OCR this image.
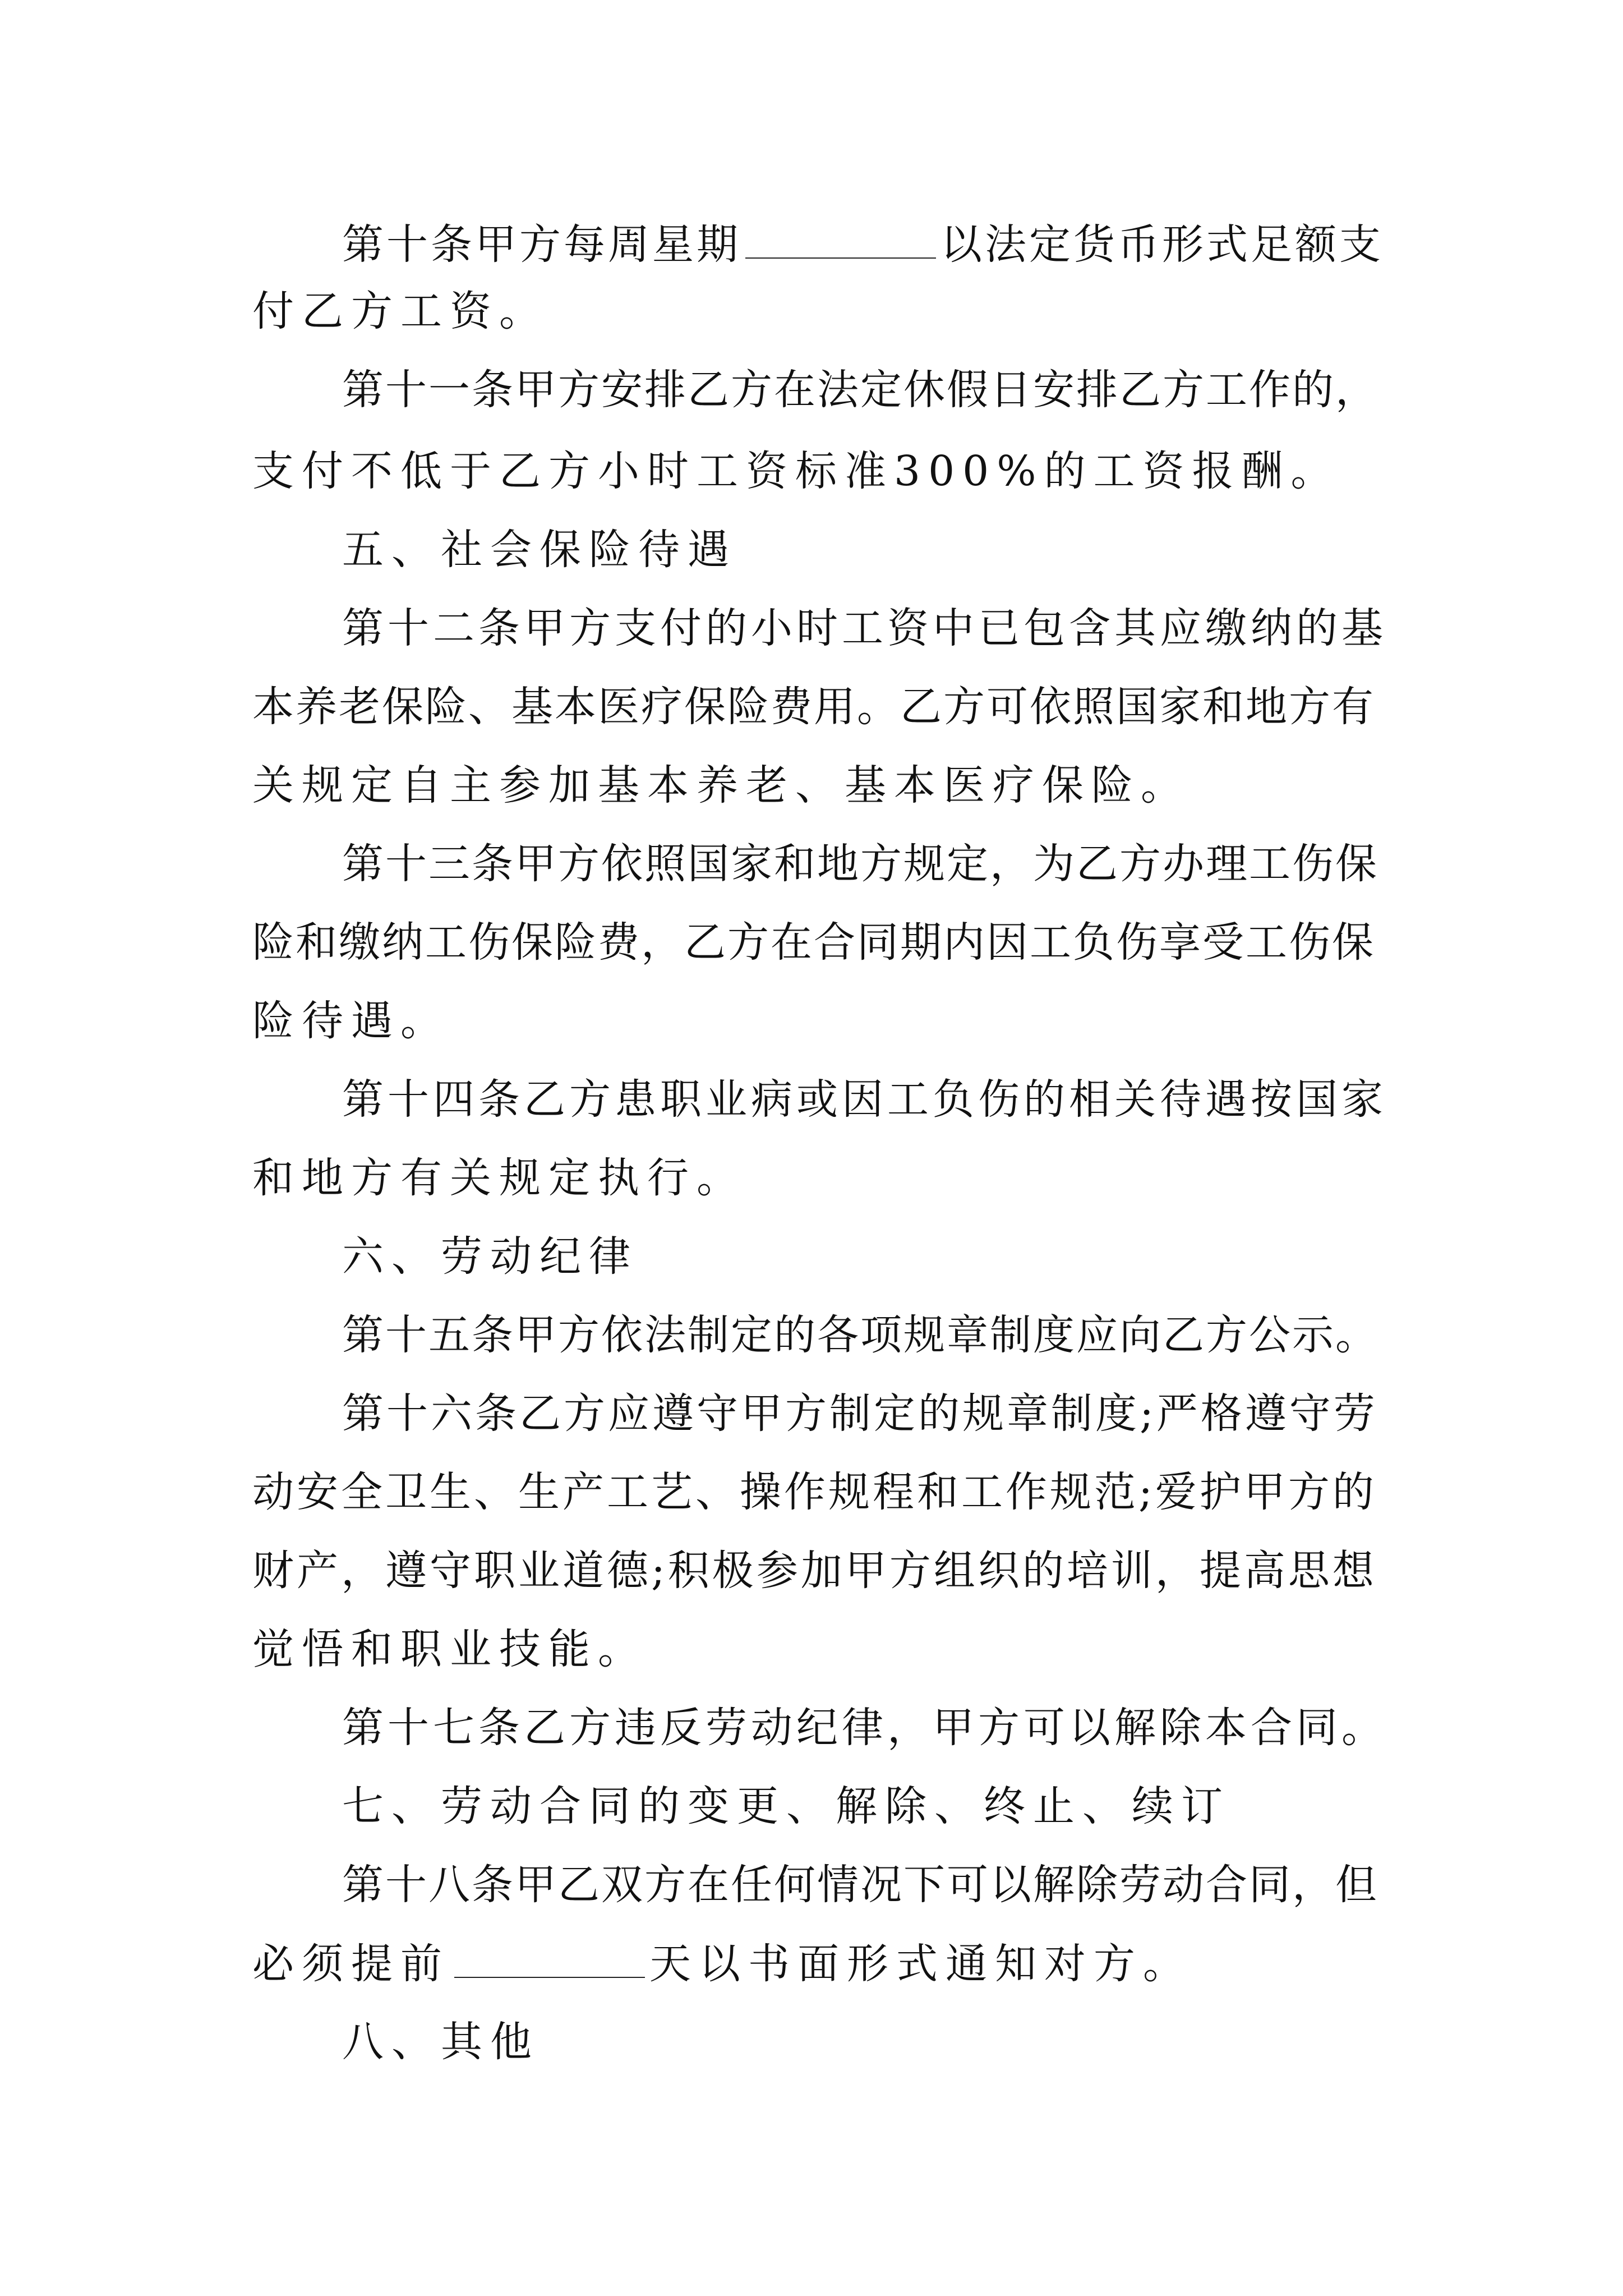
第十条甲方每周星期	以法定货币形式足额支
付乙方工资。
第十一条甲方安排乙方在法定休假日安排乙方工作的，
支付不低于乙方小时工资标准300%的工资报酬。
五、社会保险待遇
第十二条甲方支付的小时工资中已包含其应缴纳的基
本养老保险、基本医疗保险费用。乙方可依照国家和地方有
关规定自主参加基本养老、基本医疗保险。
第十三条甲方依照国家和地方规定，为乙方办理工伤保
险和缴纳工伤保险费，乙方在合同期内因工负伤享受工伤保
险待遇。
第十四条乙方患职业病或因工负伤的相关待遇按国家
和地方有关规定执行。
六、劳动纪律
第十五条甲方依法制定的各项规章制度应向乙方公示。
第十六条乙方应遵守甲方制定的规章制度;严格遵守劳
动安全卫生、生产工艺、操作规程和工作规范;爱护甲方的
财产，遵守职业道德;积极参加甲方组织的培训，提高思想
觉悟和职业技能。
第十七条乙方违反劳动纪律，甲方可以解除本合同。
七、劳动合同的变更、解除、终止、续订
第十八条甲乙双方在任何情况下可以解除劳动合同，但
必须提前	天以书面形式通知对方。
八、其他
